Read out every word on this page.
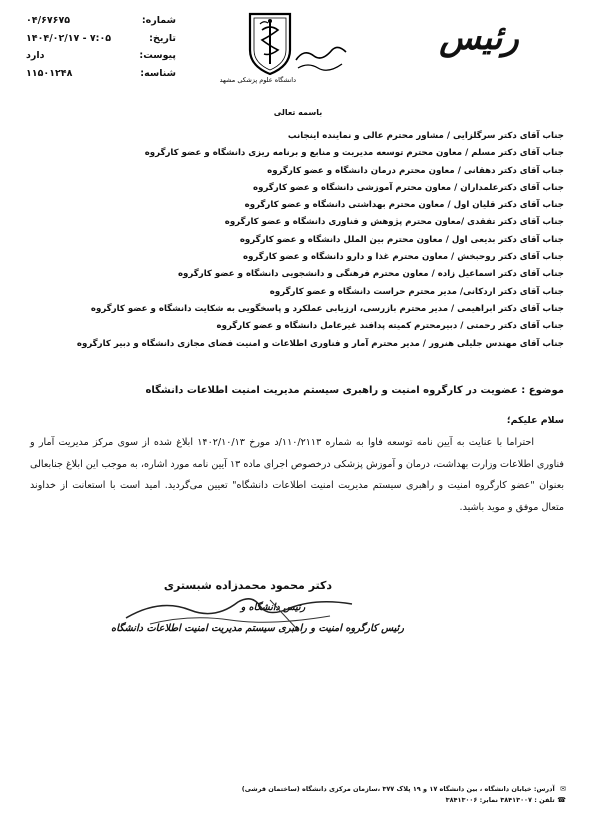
رئیس
دانشگاه علوم پزشکی مشهد
شماره:
۰۴/۶۷۶۷۵
تاریخ:
۱۴۰۴/۰۲/۱۷ - ۷:۰۵
پیوست:
دارد
شناسه:
۱۱۵۰۱۲۴۸
باسمه تعالی
جناب آقای دکتر سرگلزایی / مشاور محترم عالی و نماینده اینجانب
جناب آقای دکتر مسلم / معاون محترم توسعه مدیریت و منابع و برنامه ریزی دانشگاه و عضو کارگروه
جناب آقای دکتر دهقانی / معاون محترم درمان دانشگاه و عضو کارگروه
جناب آقای دکترعلمداران / معاون محترم آموزشی دانشگاه و عضو کارگروه
جناب آقای دکتر قلیان اول / معاون محترم بهداشتی دانشگاه و عضو کارگروه
جناب آقای دکتر تفقدی /معاون محترم پژوهش و فناوری دانشگاه و عضو کارگروه
جناب آقای دکتر بدیعی اول / معاون محترم بین الملل دانشگاه و عضو کارگروه
جناب آقای دکتر روحبخش / معاون محترم غذا و دارو دانشگاه و عضو کارگروه
جناب آقای دکتر اسماعیل زاده / معاون محترم فرهنگی و دانشجویی دانشگاه و عضو کارگروه
جناب آقای دکتر اردکانی/ مدیر محترم حراست دانشگاه و عضو کارگروه
جناب آقای دکتر ابراهیمی / مدیر محترم بازرسی، ارزیابی عملکرد و پاسخگویی به شکایت دانشگاه و عضو کارگروه
جناب آقای دکتر رحمتی / دبیرمحترم کمیته پدافند غیرعامل دانشگاه و عضو کارگروه
جناب آقای مهندس جلیلی هنرور / مدیر محترم آمار و فناوری اطلاعات و امنیت فضای مجازی دانشگاه و دبیر کارگروه
موضوع : عضویت در کارگروه امنیت و راهبری سیستم مدیریت امنیت اطلاعات دانشگاه
سلام علیکم؛
احتراما با عنایت به آیین نامه توسعه فاوا به شماره ۱۱۰/۲۱۱۳/د مورخ ۱۴۰۲/۱۰/۱۳ ابلاغ شده از سوی مرکز مدیریت آمار و فناوری اطلاعات وزارت بهداشت، درمان و آموزش پزشکی درخصوص اجرای ماده ۱۳ آیین نامه مورد اشاره، به موجب این ابلاغ جنابعالی بعنوان "عضو کارگروه امنیت و راهبری سیستم مدیریت امنیت اطلاعات دانشگاه" تعیین می‌گردید. امید است با استعانت از خداوند متعال موفق و موید باشید.
دکتر محمود محمدزاده شبستری
رئیس دانشگاه و
رئیس کارگروه امنیت و راهبری سیستم مدیریت امنیت اطلاعات دانشگاه
✉ آدرس: خیابان دانشگاه ، بین دانشگاه ۱۷ و ۱۹ پلاک ۳۷۷ ،سازمان مرکزی دانشگاه (ساختمان قرشی)
☎ تلفن : ۳۸۴۱۳۰۰۷ نمابر: ۳۸۴۱۳۰۰۶
